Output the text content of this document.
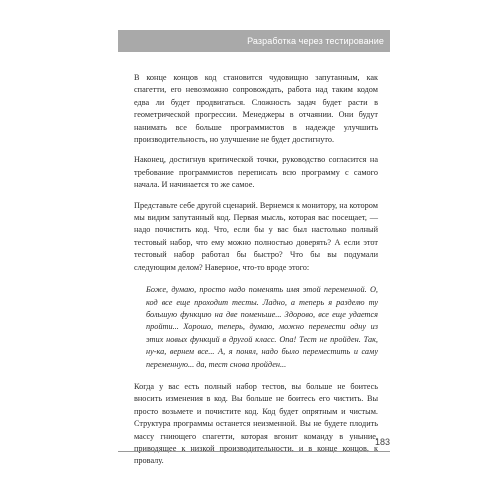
Разработка через тестирование

В конце концов код становится чудовищно запутанным, как спагетти, его невозможно сопровождать, работа над таким кодом едва ли будет продвигаться. Сложность задач будет расти в геометрической прогрессии. Менеджеры в отчаянии. Они будут нанимать все больше программистов в надежде улучшить производительность, но улучшение не будет достигнуто.

Наконец, достигнув критической точки, руководство согласится на требование программистов переписать всю программу с самого начала. И начинается то же самое.

Представьте себе другой сценарий. Вернемся к монитору, на котором мы видим запутанный код. Первая мысль, которая вас посещает, — надо почистить код. Что, если бы у вас был настолько полный тестовый набор, что ему можно полностью доверять? А если этот тестовый набор работал бы быстро? Что бы вы подумали следующим делом? Наверное, что-то вроде этого:

Боже, думаю, просто надо поменять имя этой переменной. О, код все еще проходит тесты. Ладно, а теперь я разделю ту большую функцию на две поменьше... Здорово, все еще удается пройти... Хорошо, теперь, думаю, можно перенести одну из этих новых функций в другой класс. Опа! Тест не пройден. Так, ну-ка, вернем все... А, я понял, надо было переместить и саму переменную... да, тест снова пройден...

Когда у вас есть полный набор тестов, вы больше не боитесь вносить изменения в код. Вы больше не боитесь его чистить. Вы просто возьмете и почистите код. Код будет опрятным и чистым. Структура программы останется неизменной. Вы не будете плодить массу гниющего спагетти, которая вгонит команду в уныние, приводящее к низкой производительности, и в конце концов, к провалу.

183
